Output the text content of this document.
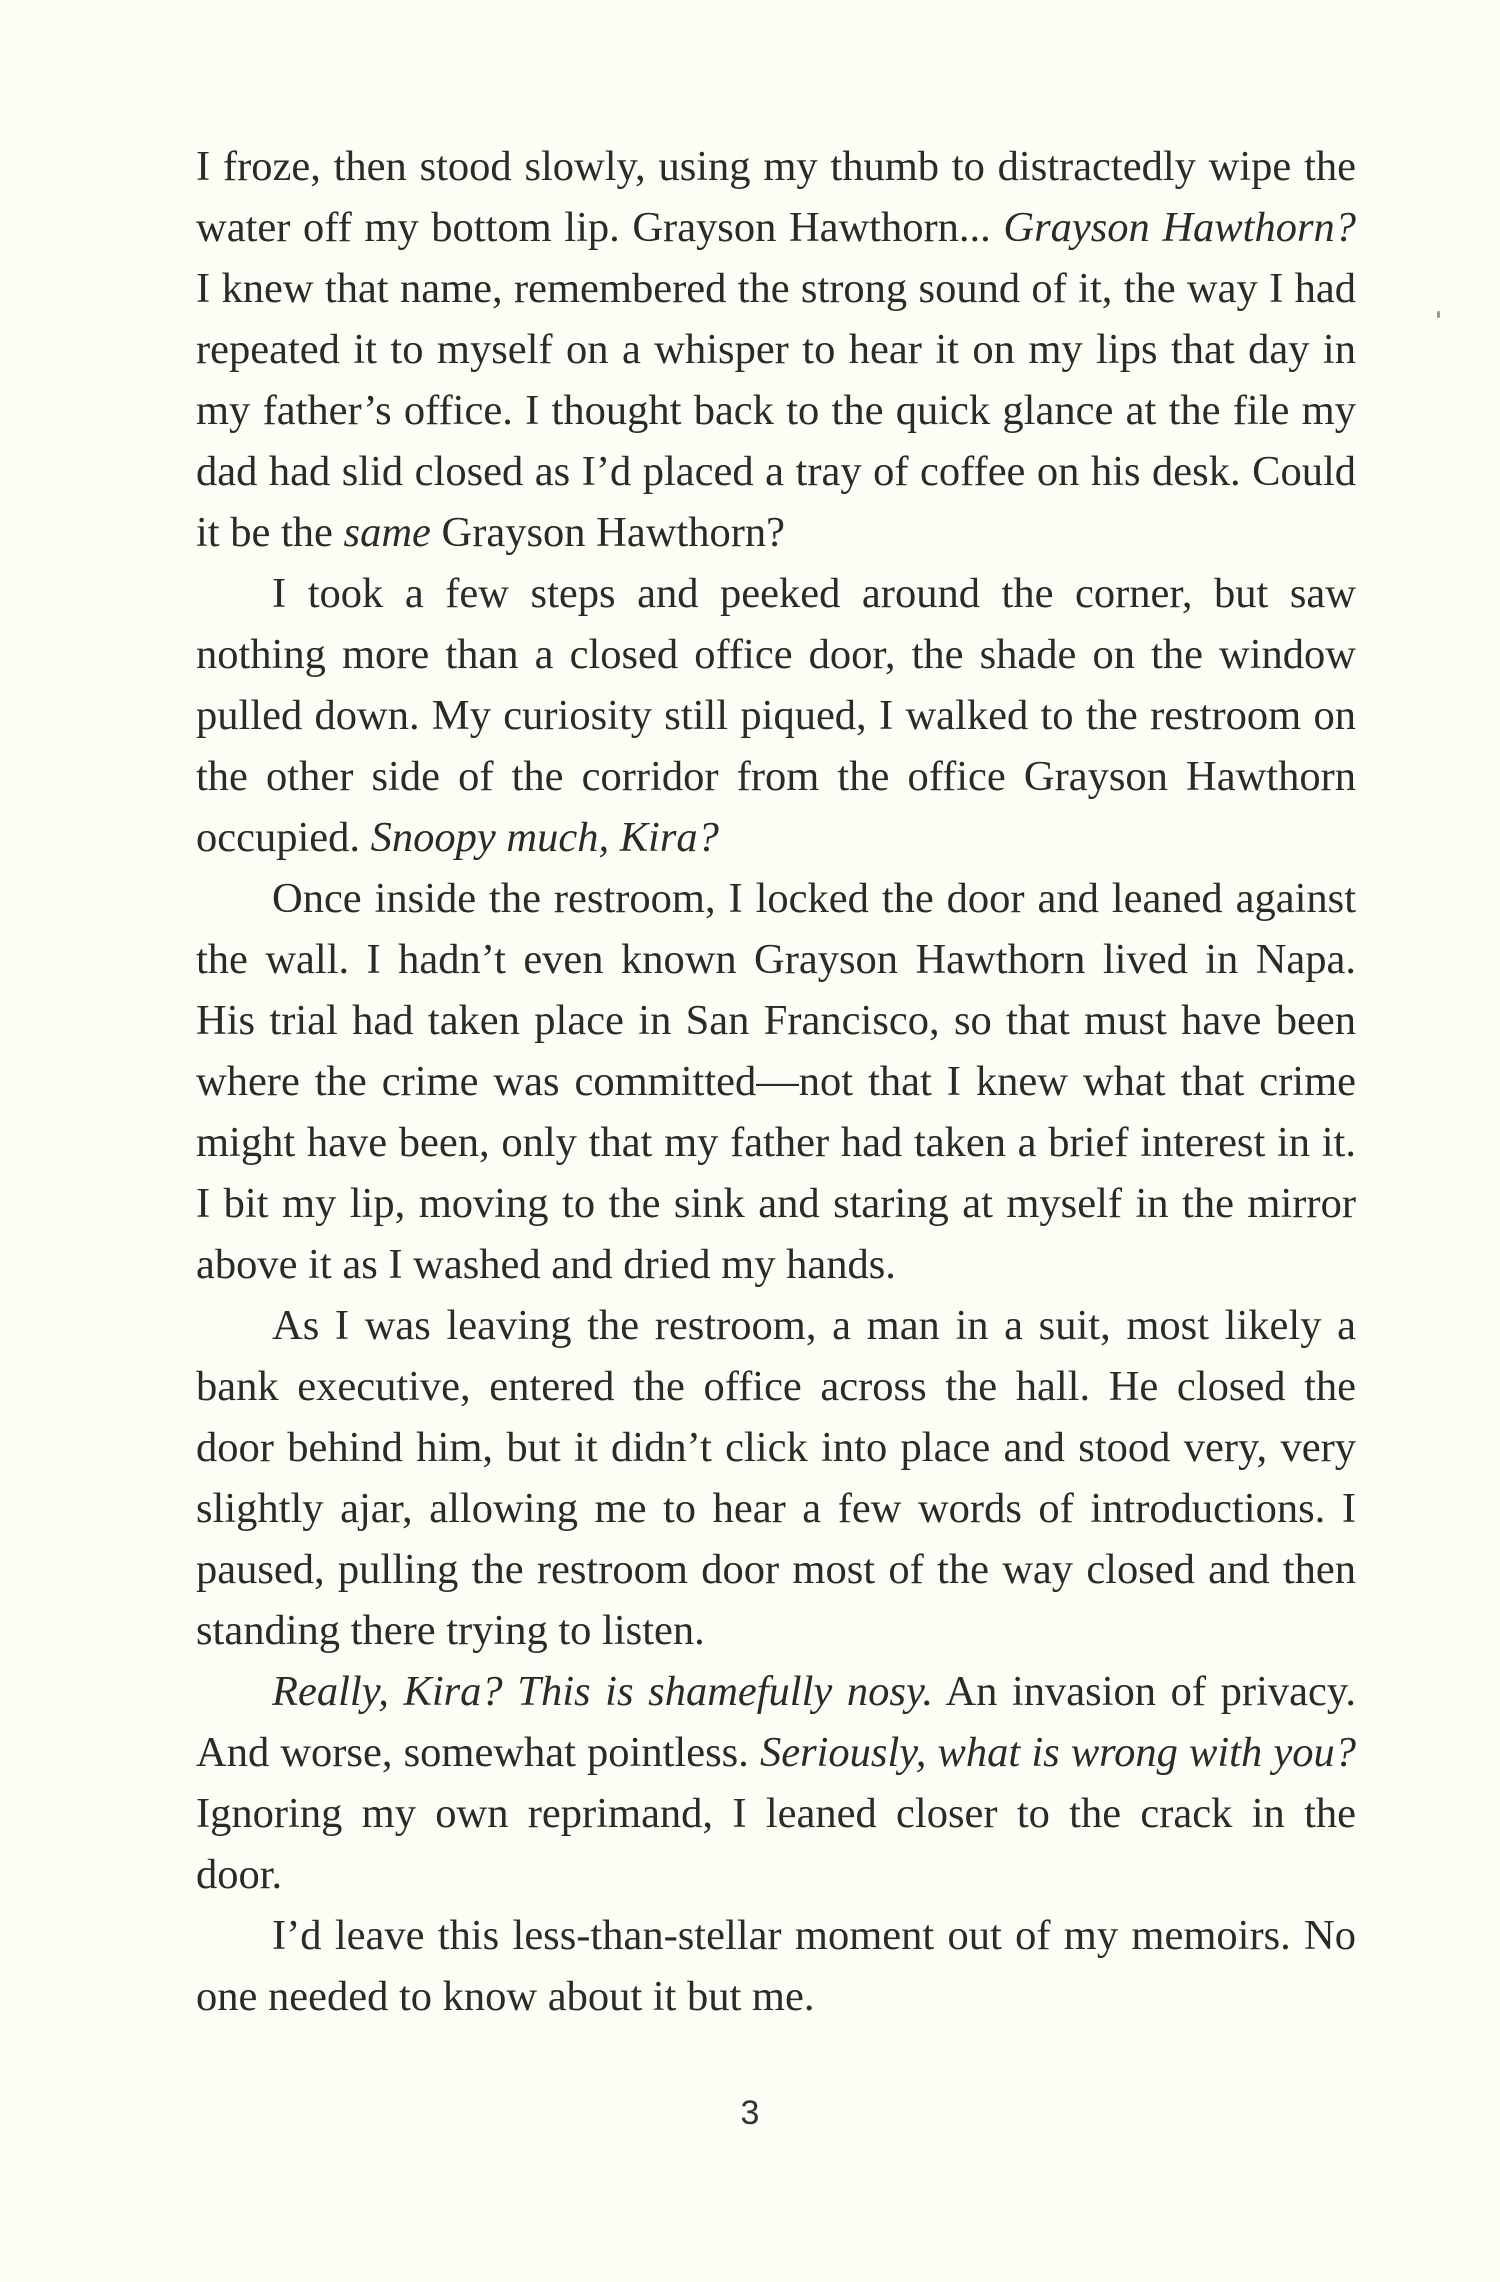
I froze, then stood slowly, using my thumb to distractedly wipe the water off my bottom lip. Grayson Hawthorn... Grayson Hawthorn? I knew that name, remembered the strong sound of it, the way I had repeated it to myself on a whisper to hear it on my lips that day in my father’s office. I thought back to the quick glance at the file my dad had slid closed as I’d placed a tray of coffee on his desk. Could it be the same Grayson Hawthorn?

I took a few steps and peeked around the corner, but saw nothing more than a closed office door, the shade on the window pulled down. My curiosity still piqued, I walked to the restroom on the other side of the corridor from the office Grayson Hawthorn occupied. Snoopy much, Kira?

Once inside the restroom, I locked the door and leaned against the wall. I hadn’t even known Grayson Hawthorn lived in Napa. His trial had taken place in San Francisco, so that must have been where the crime was committed—not that I knew what that crime might have been, only that my father had taken a brief interest in it. I bit my lip, moving to the sink and staring at myself in the mirror above it as I washed and dried my hands.

As I was leaving the restroom, a man in a suit, most likely a bank executive, entered the office across the hall. He closed the door behind him, but it didn’t click into place and stood very, very slightly ajar, allowing me to hear a few words of introductions. I paused, pulling the restroom door most of the way closed and then standing there trying to listen.

Really, Kira? This is shamefully nosy. An invasion of privacy. And worse, somewhat pointless. Seriously, what is wrong with you? Ignoring my own reprimand, I leaned closer to the crack in the door.

I’d leave this less-than-stellar moment out of my memoirs. No one needed to know about it but me.

3
